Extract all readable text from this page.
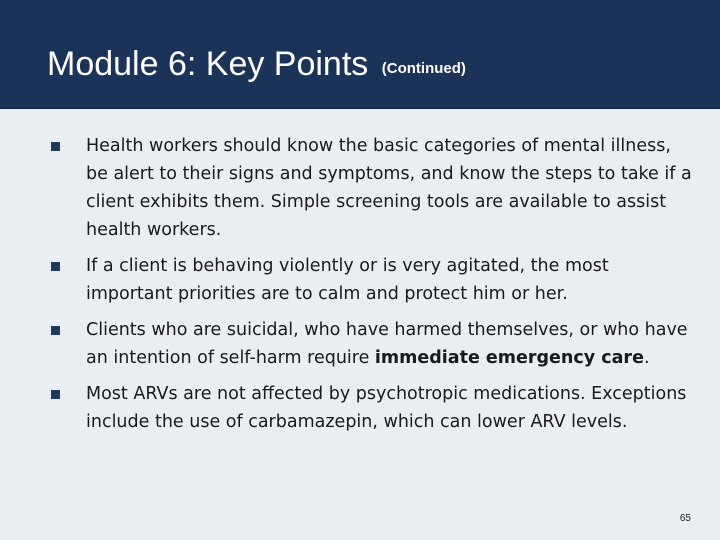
Module 6: Key Points (Continued)
Health workers should know the basic categories of mental illness, be alert to their signs and symptoms, and know the steps to take if a client exhibits them. Simple screening tools are available to assist health workers.
If a client is behaving violently or is very agitated, the most important priorities are to calm and protect him or her.
Clients who are suicidal, who have harmed themselves, or who have an intention of self-harm require immediate emergency care.
Most ARVs are not affected by psychotropic medications. Exceptions include the use of carbamazepin, which can lower ARV levels.
65
